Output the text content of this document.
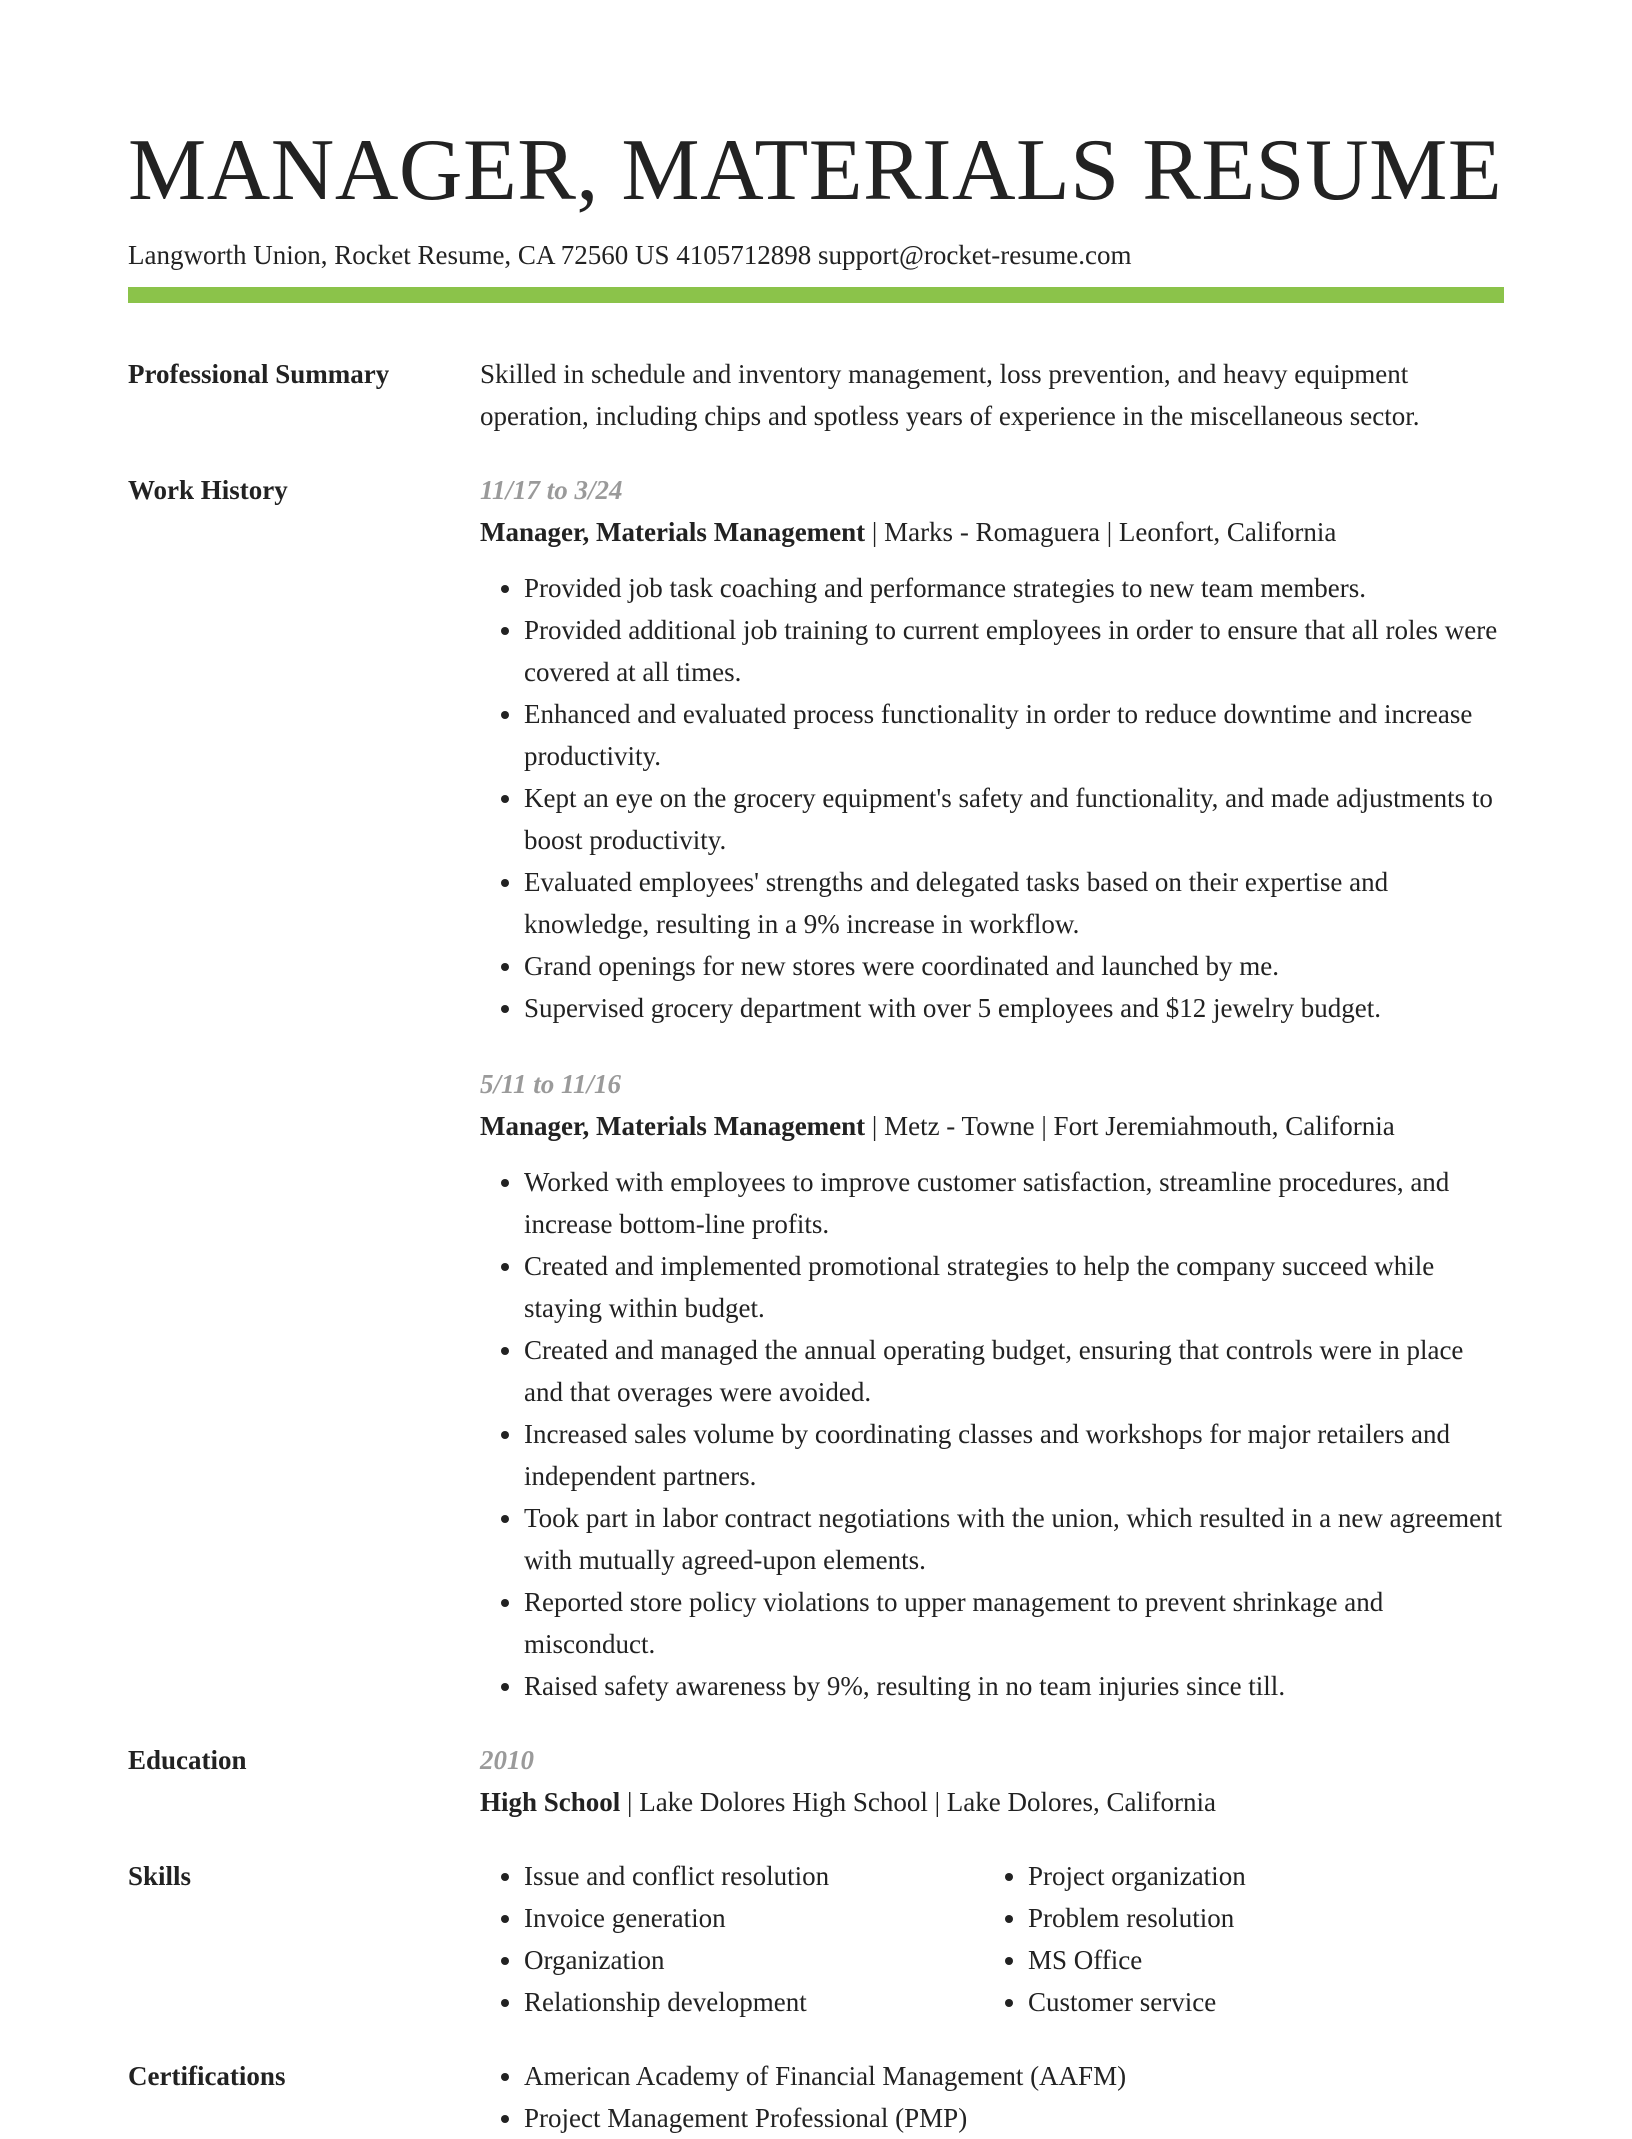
MANAGER, MATERIALS RESUME
Langworth Union, Rocket Resume, CA 72560 US 4105712898 support@rocket-resume.com
Professional Summary	Skilled in schedule and inventory management, loss prevention, and heavy equipment operation, including chips and spotless years of experience in the miscellaneous sector.
Work History	11/17 to 3/24
Manager, Materials Management | Marks - Romaguera | Leonfort, California
• Provided job task coaching and performance strategies to new team members.
• Provided additional job training to current employees in order to ensure that all roles were covered at all times.
• Enhanced and evaluated process functionality in order to reduce downtime and increase productivity.
• Kept an eye on the grocery equipment's safety and functionality, and made adjustments to boost productivity.
• Evaluated employees' strengths and delegated tasks based on their expertise and knowledge, resulting in a 9% increase in workflow.
• Grand openings for new stores were coordinated and launched by me.
• Supervised grocery department with over 5 employees and $12 jewelry budget.
5/11 to 11/16
Manager, Materials Management | Metz - Towne | Fort Jeremiahmouth, California
• Worked with employees to improve customer satisfaction, streamline procedures, and increase bottom-line profits.
• Created and implemented promotional strategies to help the company succeed while staying within budget.
• Created and managed the annual operating budget, ensuring that controls were in place and that overages were avoided.
• Increased sales volume by coordinating classes and workshops for major retailers and independent partners.
• Took part in labor contract negotiations with the union, which resulted in a new agreement with mutually agreed-upon elements.
• Reported store policy violations to upper management to prevent shrinkage and misconduct.
• Raised safety awareness by 9%, resulting in no team injuries since till.
Education	2010
High School | Lake Dolores High School | Lake Dolores, California
Skills	• Issue and conflict resolution
• Invoice generation
• Organization
• Relationship development
• Project organization
• Problem resolution
• MS Office
• Customer service
Certifications	• American Academy of Financial Management (AAFM)
• Project Management Professional (PMP)
